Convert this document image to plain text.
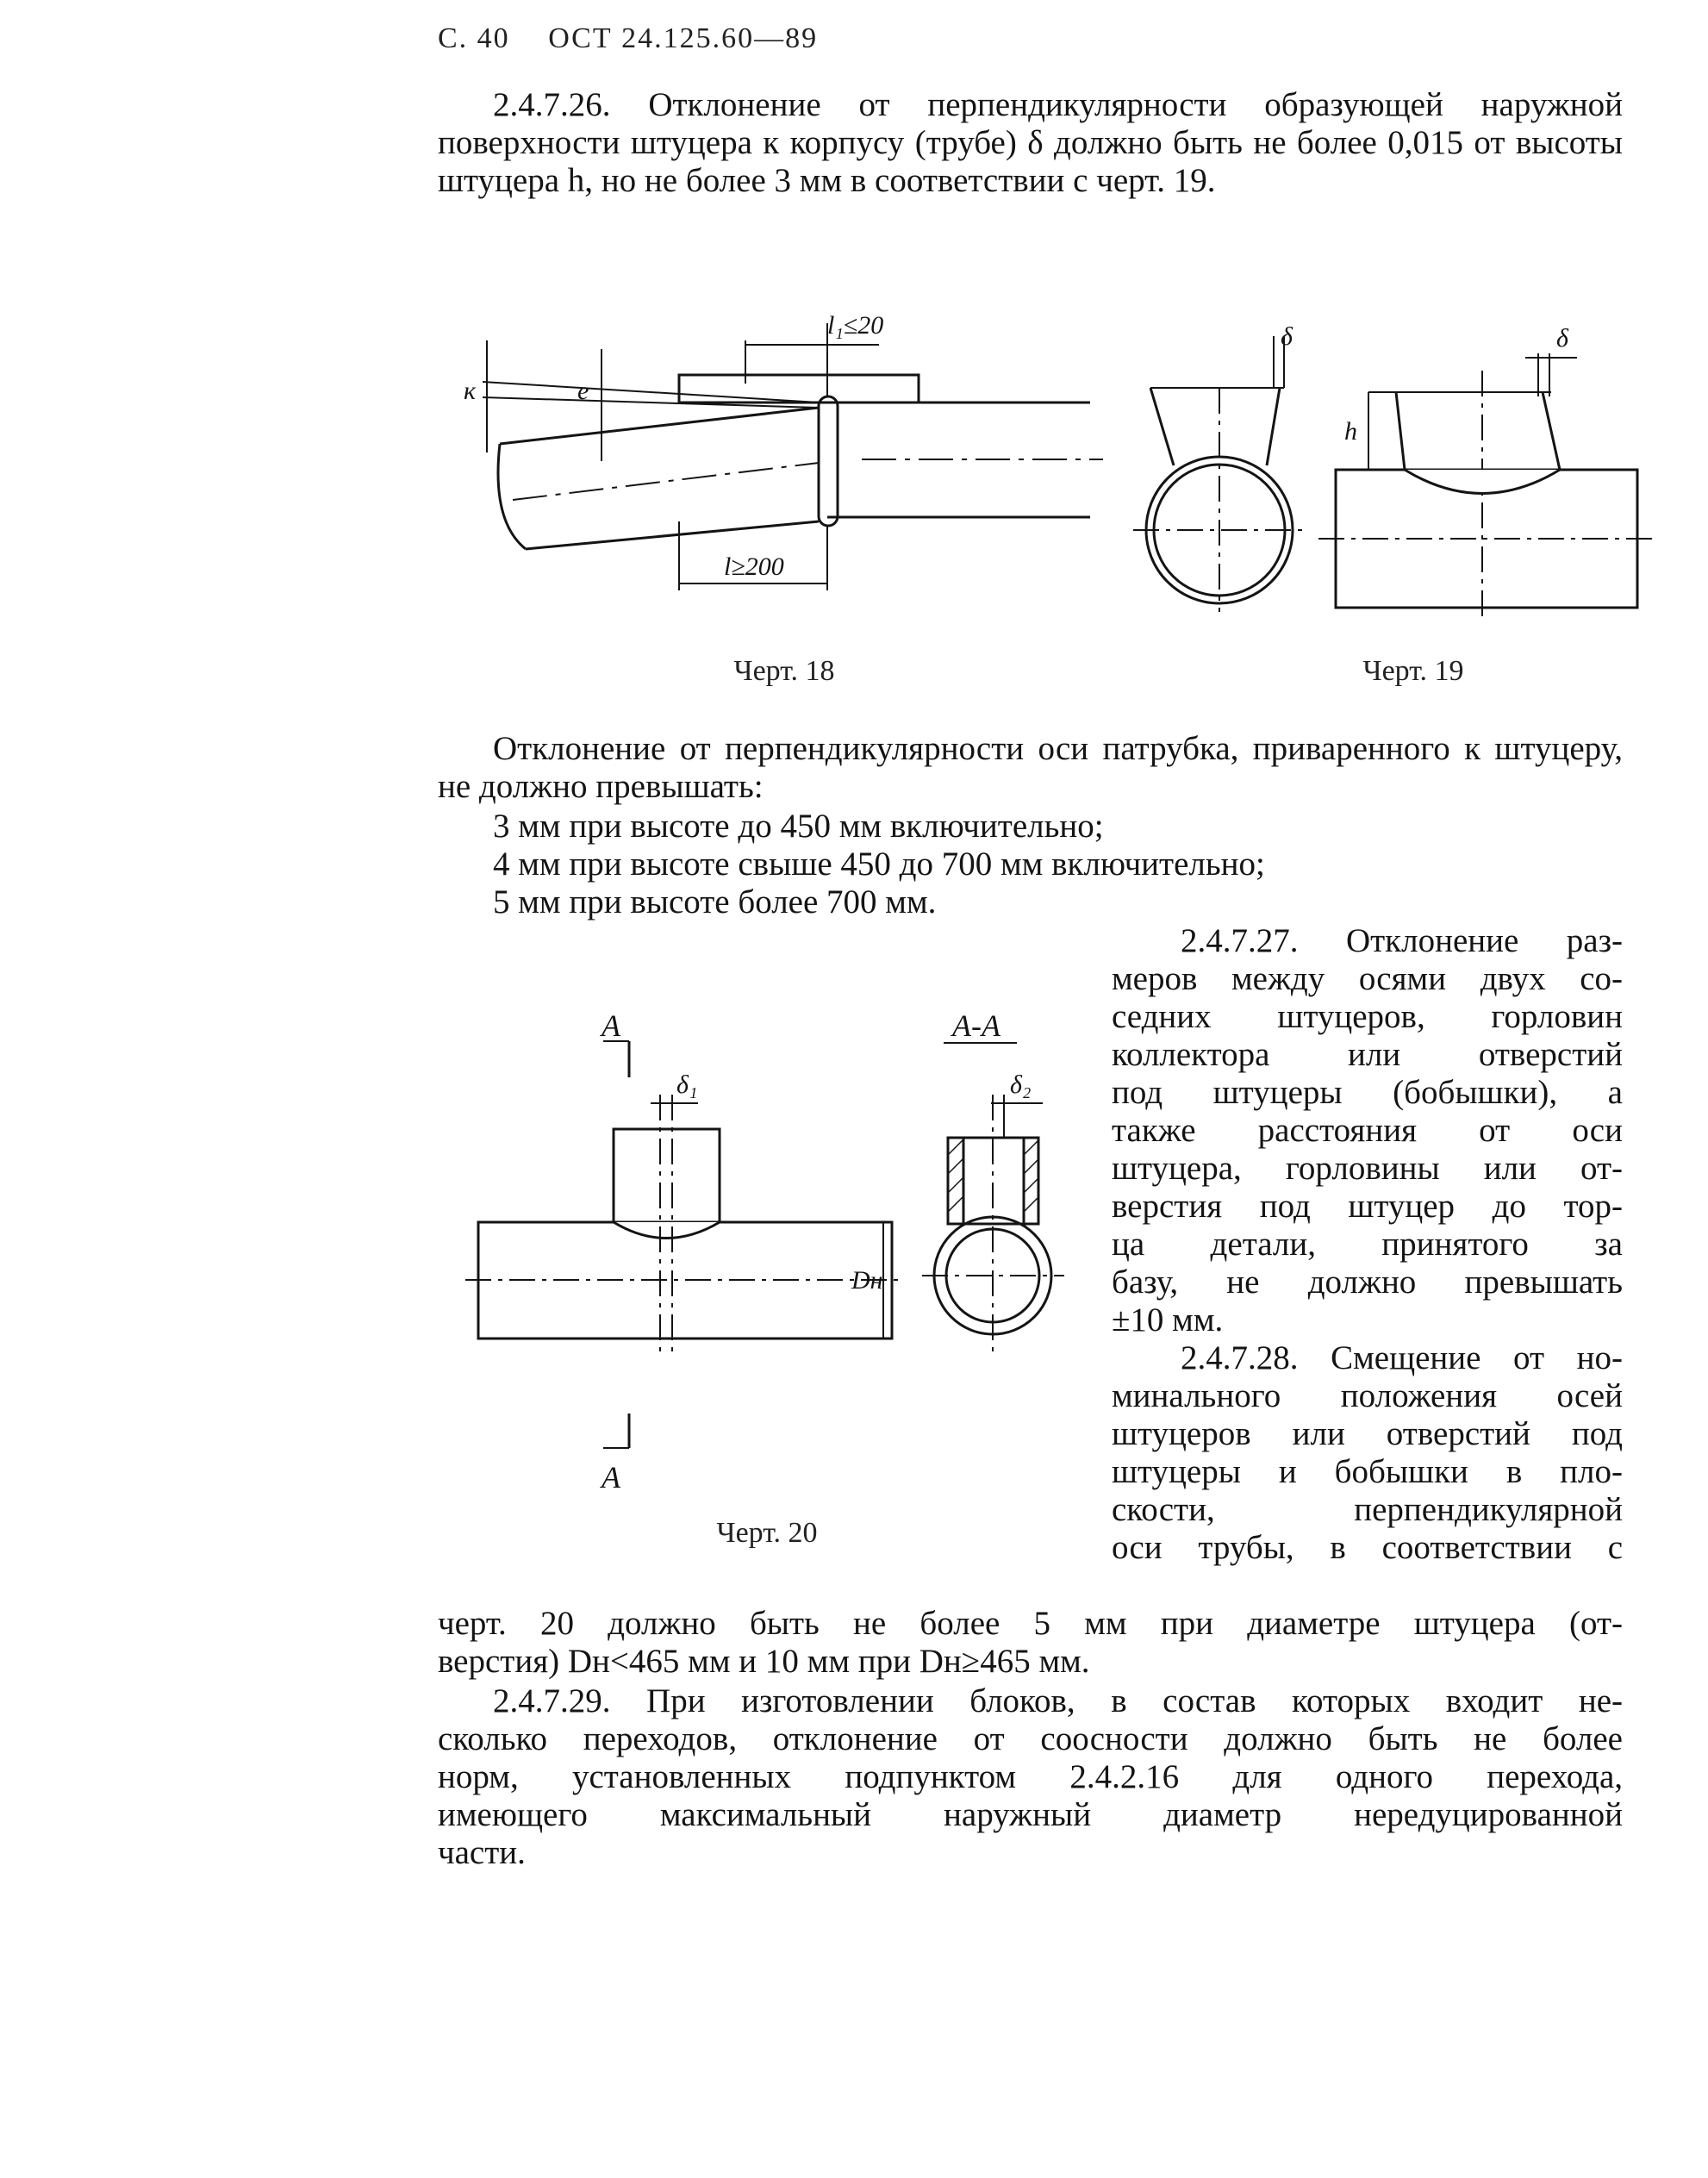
С. 40 ОСТ 24.125.60—89

2.4.7.26. Отклонение от перпендикулярности образующей наружной поверхности штуцера к корпусу (трубе) δ должно быть не более 0,015 от высоты штуцера h, но не более 3 мм в соответствии с черт. 19.

к	е
l₁≤20
l≥200
Черт. 18
δ	δ
h
Черт. 19

Отклонение от перпендикулярности оси патрубка, приваренного к штуцеру, не должно превышать:

3 мм при высоте до 450 мм включительно;
4 мм при высоте свыше 450 до 700 мм включительно;
5 мм при высоте более 700 мм.
2.4.7.27. Отклонение раз-
меров между осями двух со-
седних штуцеров, горловин
коллектора или отверстий
под штуцеры (бобышки), а
также расстояния от оси
штуцера, горловины или от-
верстия под штуцер до тор-
ца детали, принятого за
базу, не должно превышать
±10 мм.
2.4.7.28. Смещение от но-
минального положения осей
штуцеров или отверстий под
штуцеры и бобышки в пло-
скости, перпендикулярной
оси трубы, в соответствии с
А
А
δ₁
Dн
А-А
δ₂
Черт. 20
черт. 20 должно быть не более 5 мм при диаметре штуцера (от-
верстия) Dн<465 мм и 10 мм при Dн≥465 мм.
2.4.7.29. При изготовлении блоков, в состав которых входит не-
сколько переходов, отклонение от соосности должно быть не более
норм, установленных подпунктом 2.4.2.16 для одного перехода,
имеющего максимальный наружный диаметр нередуцированной
части.
